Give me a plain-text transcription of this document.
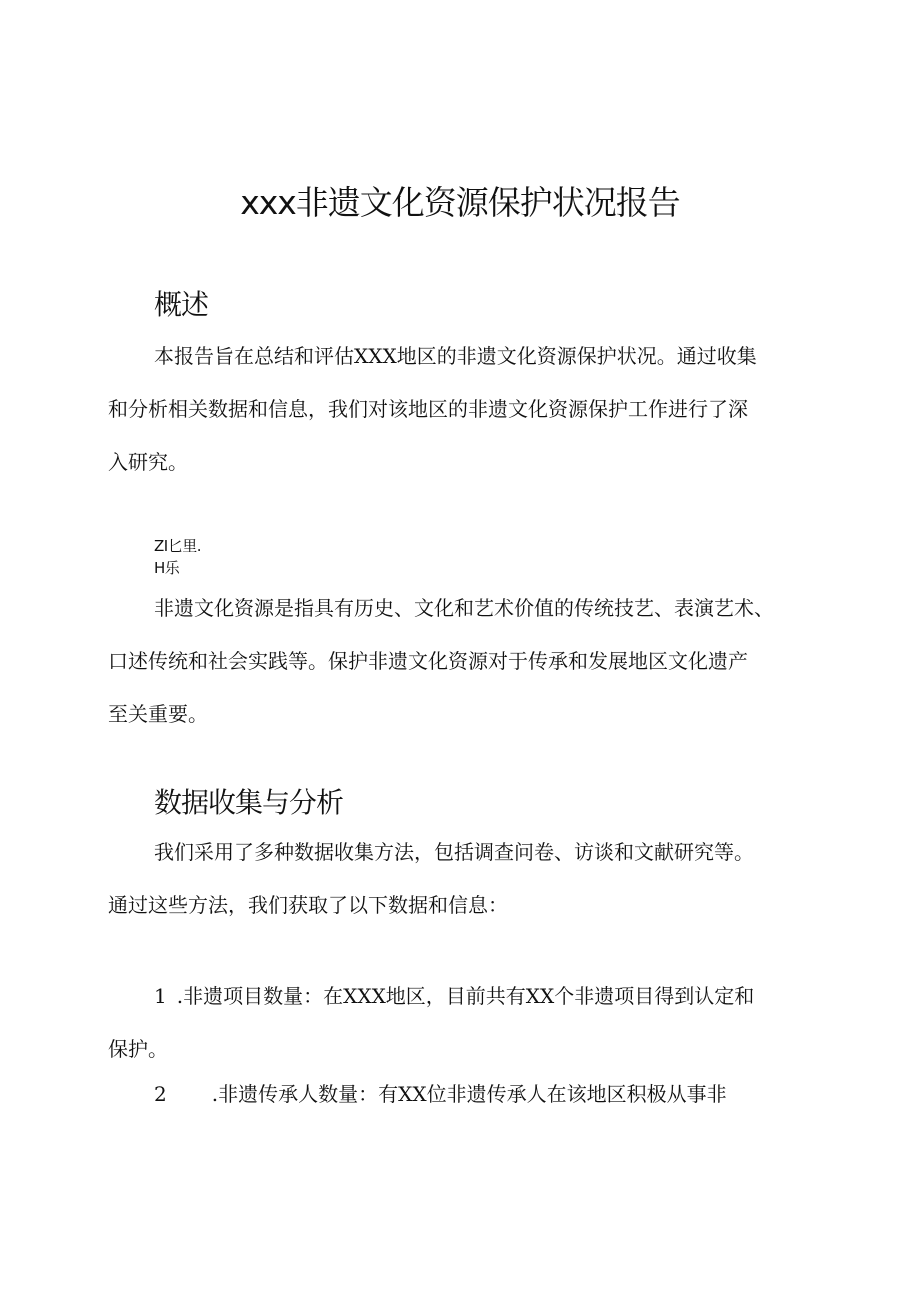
xxx非遗文化资源保护状况报告
概述
本报告旨在总结和评估XXX地区的非遗文化资源保护状况。通过收集
和分析相关数据和信息，我们对该地区的非遗文化资源保护工作进行了深
入研究。
ZI匕里.
H乐
非遗文化资源是指具有历史、文化和艺术价值的传统技艺、表演艺术、
口述传统和社会实践等。保护非遗文化资源对于传承和发展地区文化遗产
至关重要。
数据收集与分析
我们采用了多种数据收集方法，包括调查问卷、访谈和文献研究等。
通过这些方法，我们获取了以下数据和信息：
1 .非遗项目数量：在XXX地区，目前共有XX个非遗项目得到认定和
保护。
2 .非遗传承人数量：有XX位非遗传承人在该地区积极从事非
